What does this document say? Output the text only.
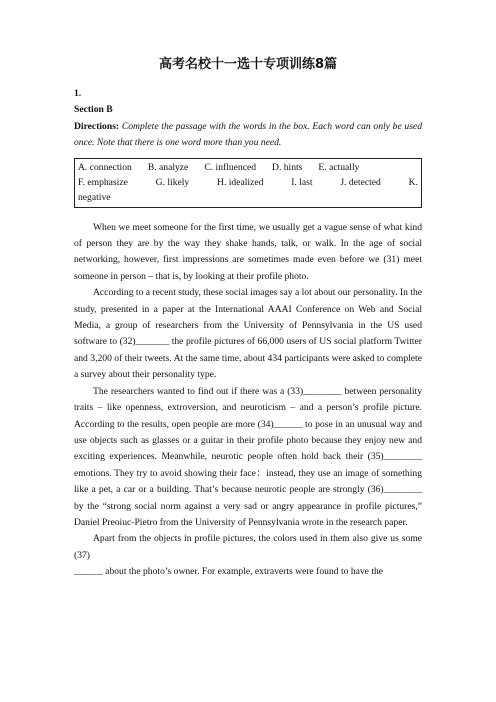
高考名校十一选十专项训练8篇

1.

Section B

Directions: Complete the passage with the words in the box. Each word can only be used once. Note that there is one word more than you need.

A. connection B. analyze C. influenced D. hints E. actually
F. emphasize	G. likely	H. idealized	I. last	J. detected	K.
negative

When we meet someone for the first time, we usually get a vague sense of what kind of person they are by the way they shake hands, talk, or walk. In the age of social networking, however, first impressions are sometimes made even before we (31) meet someone in person – that is, by looking at their profile photo.

According to a recent study, these social images say a lot about our personality. In the study, presented in a paper at the International AAAI Conference on Web and Social Media, a group of researchers from the University of Pennsylvania in the US used software to (32)_______ the profile pictures of 66,000 users of US social platform Twitter and 3,200 of their tweets. At the same time, about 434 participants were asked to complete a survey about their personality type.

The researchers wanted to find out if there was a (33)________ between personality traits – like openness, extroversion, and neuroticism – and a person’s profile picture. According to the results, open people are more (34)______ to pose in an unusual way and use objects such as glasses or a guitar in their profile photo because they enjoy new and exciting experiences. Meanwhile, neurotic people often hold back their (35)________ emotions. They try to avoid showing their face：instead, they use an image of something like a pet, a car or a building. That’s because neurotic people are strongly (36)________ by the “strong social norm against a very sad or angry appearance in profile pictures,” Daniel Preoiuc-Pietro from the University of Pennsylvania wrote in the research paper.

Apart from the objects in profile pictures, the colors used in them also give us some (37)

______ about the photo’s owner. For example, extraverts were found to have the
